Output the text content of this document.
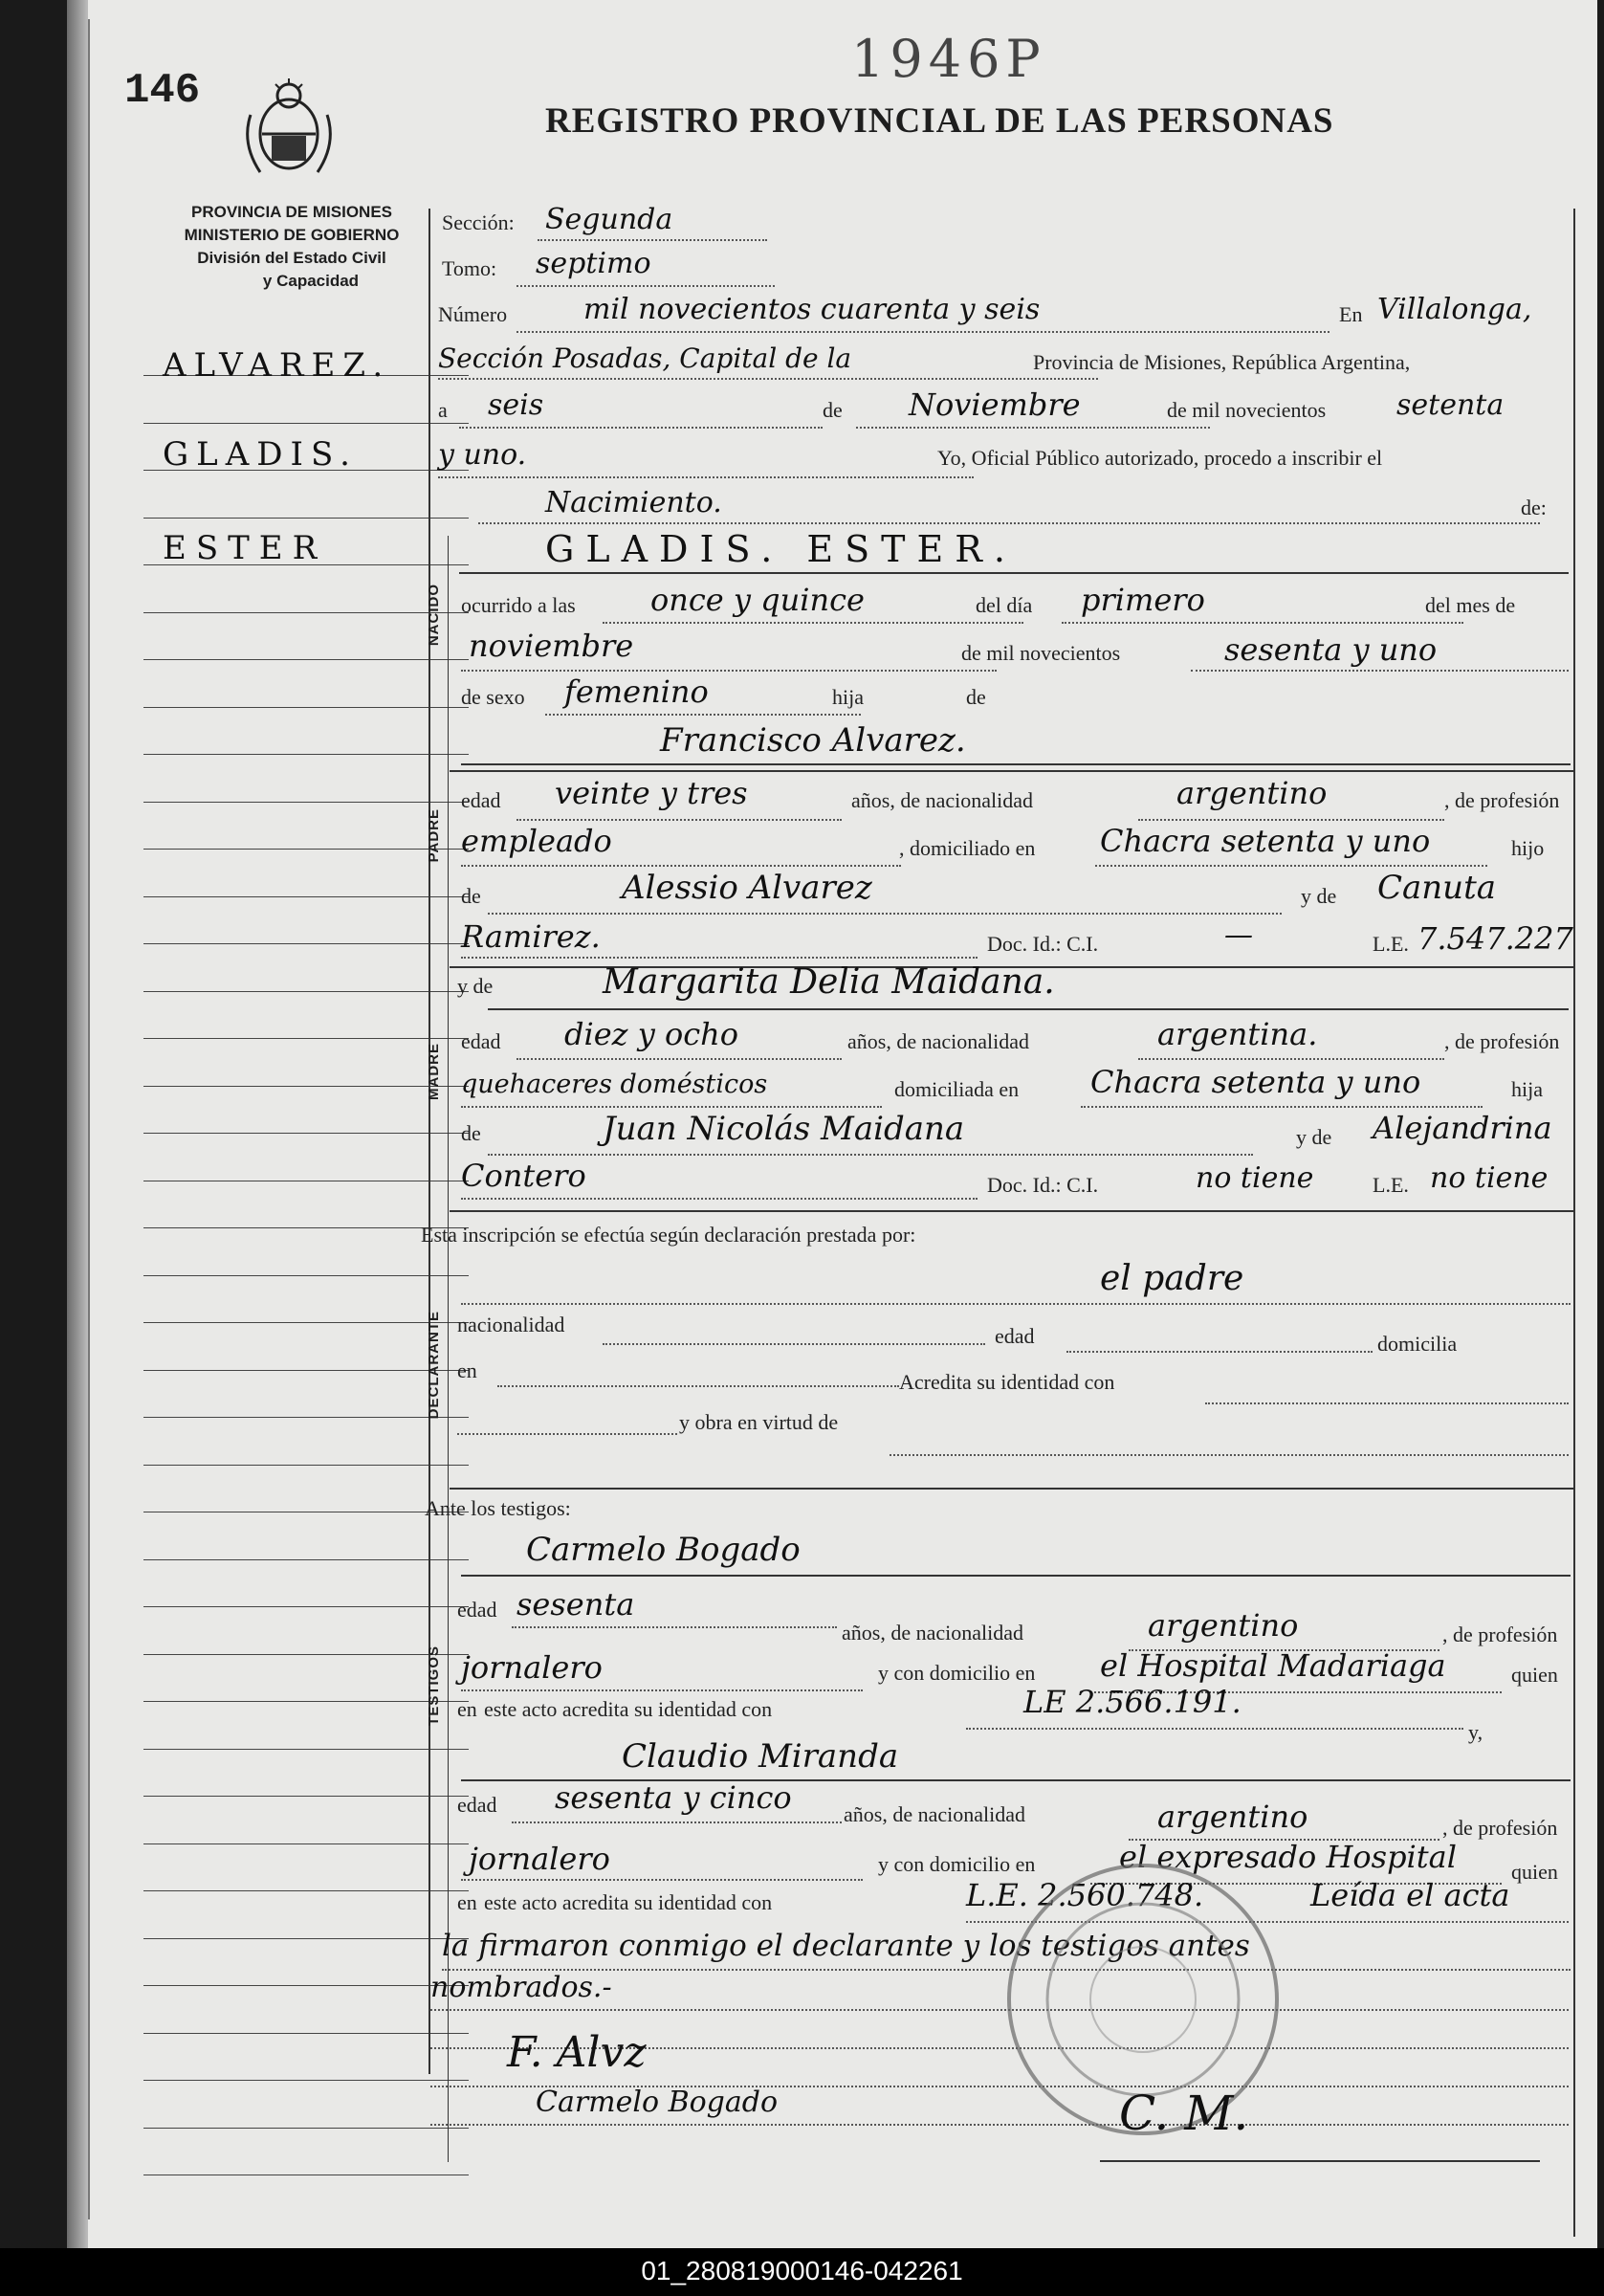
146
1946P
REGISTRO PROVINCIAL DE LAS PERSONAS
PROVINCIA DE MISIONES
MINISTERIO DE GOBIERNO
División del Estado Civil
y Capacidad
ALVAREZ.
GLADIS.
ESTER
NACIDO
PADRE
MADRE
DECLARANTE
TESTIGOS
Sección: Segunda
Tomo: septimo
Número	mil novecientos cuarenta y seis	En Villalonga,
Sección Posadas, Capital de la	Provincia de Misiones, República Argentina,
a seis	de Noviembre	de mil novecientos setenta
y uno.	Yo, Oficial Público autorizado, procedo a inscribir el
Nacimiento.	de:
GLADIS. ESTER.
ocurrido a las once y quince	del día primero	del mes de
noviembre	de mil novecientos	sesenta y uno
de sexo femenino	hija	de
Francisco Alvarez.
edad veinte y tres	años, de nacionalidad	argentino	, de profesión
empleado	, domiciliado en Chacra setenta y uno	hijo
de	Alessio Alvarez	y de Canuta
Ramirez.	Doc. Id.: C.I.	—	L.E. 7.547.227
y de	Margarita Delia Maidana.
edad diez y ocho	años, de nacionalidad	argentina.	, de profesión
quehaceres domésticos	domiciliada en Chacra setenta y uno	hija
de	Juan Nicolás Maidana	y de Alejandrina
Contero	Doc. Id.: C.I.	no tiene	L.E. no tiene
Esta inscripción se efectúa según declaración prestada por:
el padre
nacionalidad	edad	domicilia
en	Acredita su identidad con
y obra en virtud de
Ante los testigos:
Carmelo Bogado
edad sesenta
años, de nacionalidad	argentino	, de profesión
jornalero	y con domicilio en el Hospital Madariaga	quien
en este acto acredita su identidad con	LE 2.566.191.
y,
Claudio Miranda
edad sesenta y cinco años, de nacionalidad	argentino	, de profesión
jornalero	y con domicilio en	el expresado Hospital	quien
en este acto acredita su identidad con	L.E. 2.560.748.	Leída el acta
la firmaron conmigo el declarante y los testigos antes
nombrados.-
F. Alvz
Carmelo Bogado	C. M.
01_280819000146-042261
